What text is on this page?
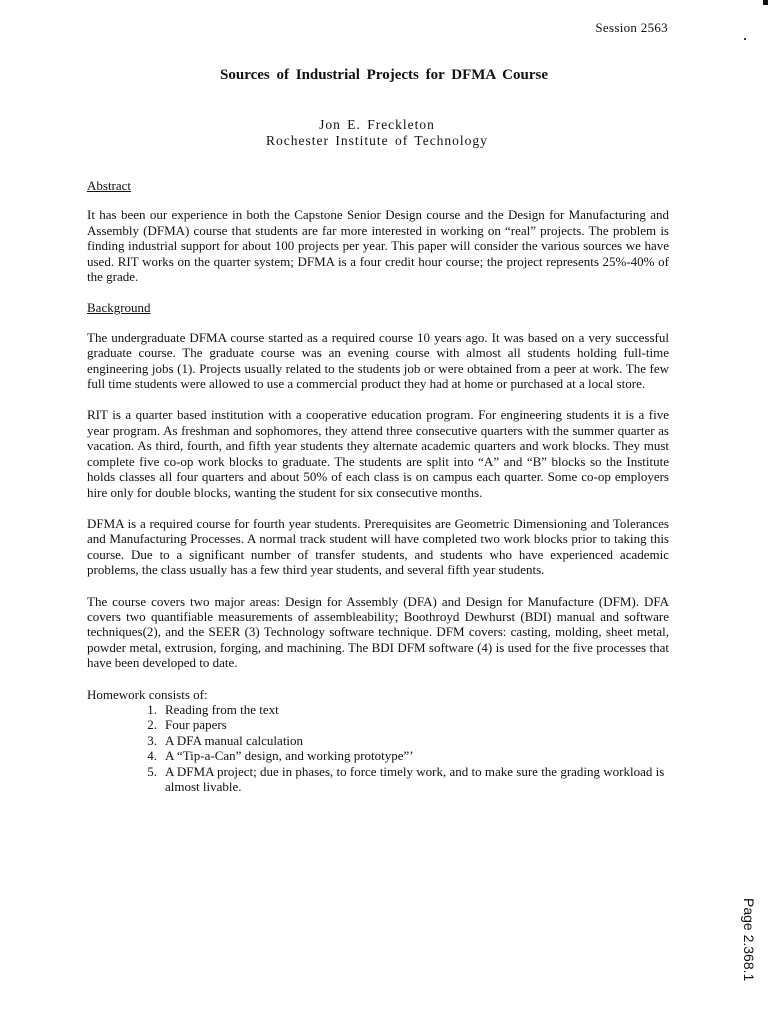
Session 2563
Sources of Industrial Projects for DFMA Course
Jon E. Freckleton
Rochester Institute of Technology

Abstract

It has been our experience in both the Capstone Senior Design course and the Design for Manufacturing and Assembly (DFMA) course that students are far more interested in working on “real” projects. The problem is finding industrial support for about 100 projects per year. This paper will consider the various sources we have used. RIT works on the quarter system; DFMA is a four credit hour course; the project represents 25%-40% of the grade.

Background

The undergraduate DFMA course started as a required course 10 years ago. It was based on a very successful graduate course. The graduate course was an evening course with almost all students holding full-time engineering jobs (1). Projects usually related to the students job or were obtained from a peer at work. The few full time students were allowed to use a commercial product they had at home or purchased at a local store.

RIT is a quarter based institution with a cooperative education program. For engineering students it is a five year program. As freshman and sophomores, they attend three consecutive quarters with the summer quarter as vacation. As third, fourth, and fifth year students they alternate academic quarters and work blocks. They must complete five co-op work blocks to graduate. The students are split into “A” and “B” blocks so the Institute holds classes all four quarters and about 50% of each class is on campus each quarter. Some co-op employers hire only for double blocks, wanting the student for six consecutive months.

DFMA is a required course for fourth year students. Prerequisites are Geometric Dimensioning and Tolerances and Manufacturing Processes. A normal track student will have completed two work blocks prior to taking this course. Due to a significant number of transfer students, and students who have experienced academic problems, the class usually has a few third year students, and several fifth year students.

The course covers two major areas: Design for Assembly (DFA) and Design for Manufacture (DFM). DFA covers two quantifiable measurements of assembleability; Boothroyd Dewhurst (BDI) manual and software techniques(2), and the SEER (3) Technology software technique. DFM covers: casting, molding, sheet metal, powder metal, extrusion, forging, and machining. The BDI DFM software (4) is used for the five processes that have been developed to date.

Homework consists of:

1. Reading from the text
2. Four papers
3. A DFA manual calculation
4. A “Tip-a-Can” design, and working prototype”’
5. A DFMA project; due in phases, to force timely work, and to make sure the grading workload is almost livable.
Page 2.368.1
